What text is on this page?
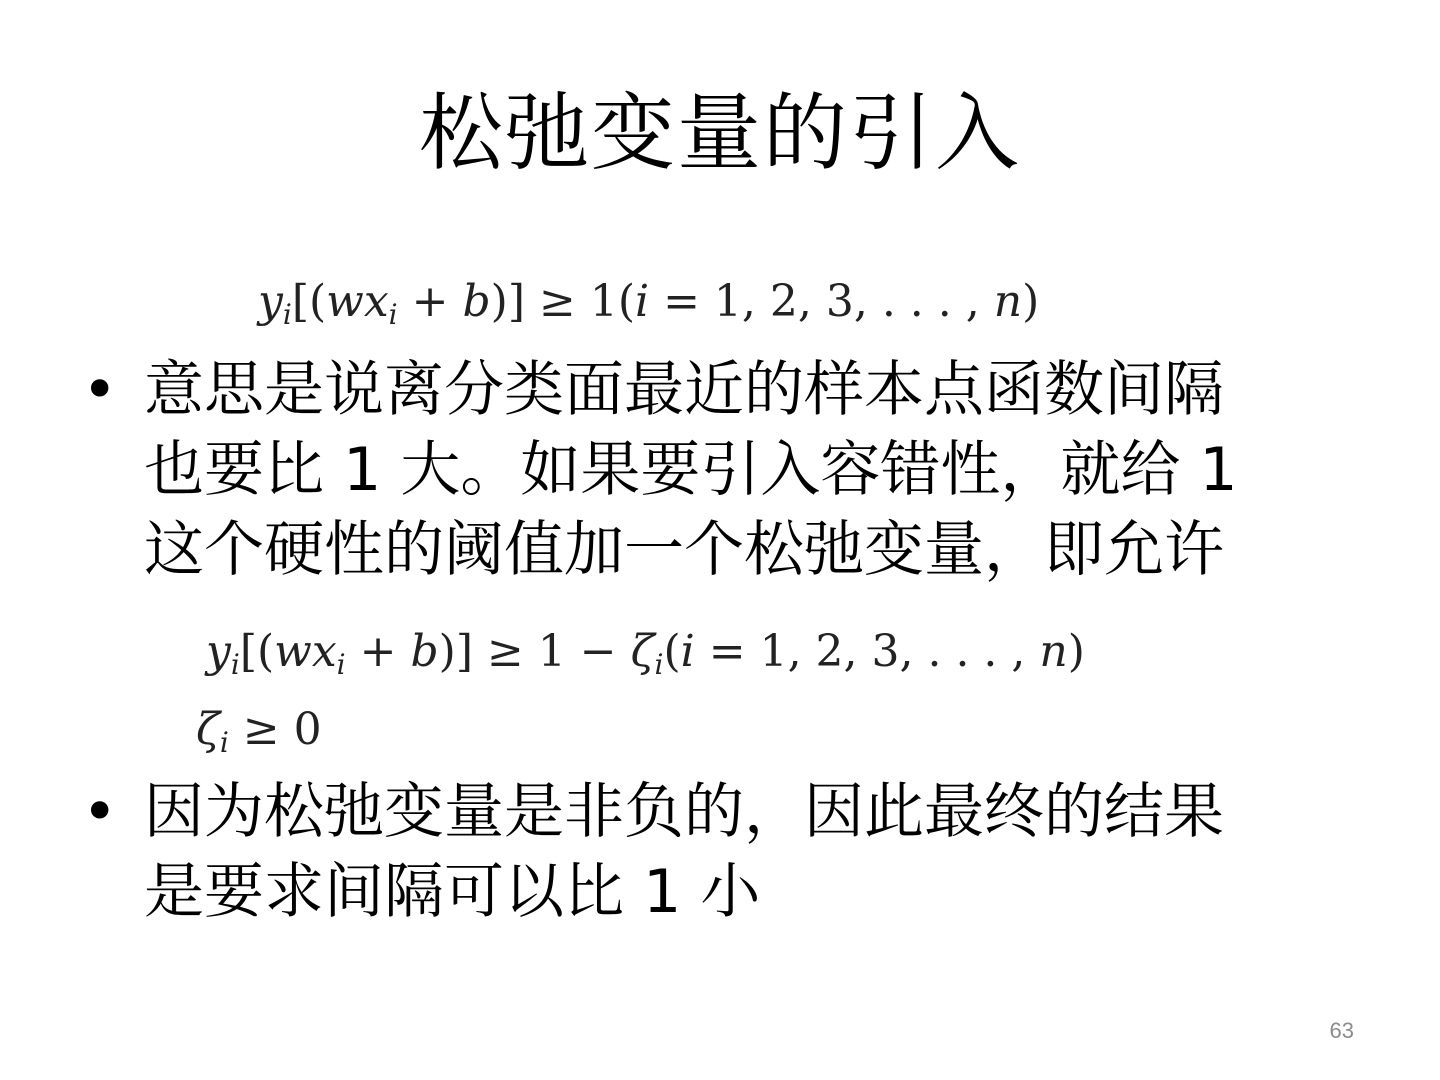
松弛变量的引入
$y_i[(wx_i + b)] \ge 1(i = 1$, 2, 3, . . . , n)
• 意思是说离分类面最近的样本点函数间隔
也要比 1 大。如果要引入容错性，就给 1
这个硬性的阈值加一个松弛变量，即允许
$y_i[(wx_i + b)] \ge 1 - \zeta_i(i = 1$, 2, 3, . . . , n)
$\zeta_i \ge 0$
• 因为松弛变量是非负的，因此最终的结果
是要求间隔可以比 1 小
63
